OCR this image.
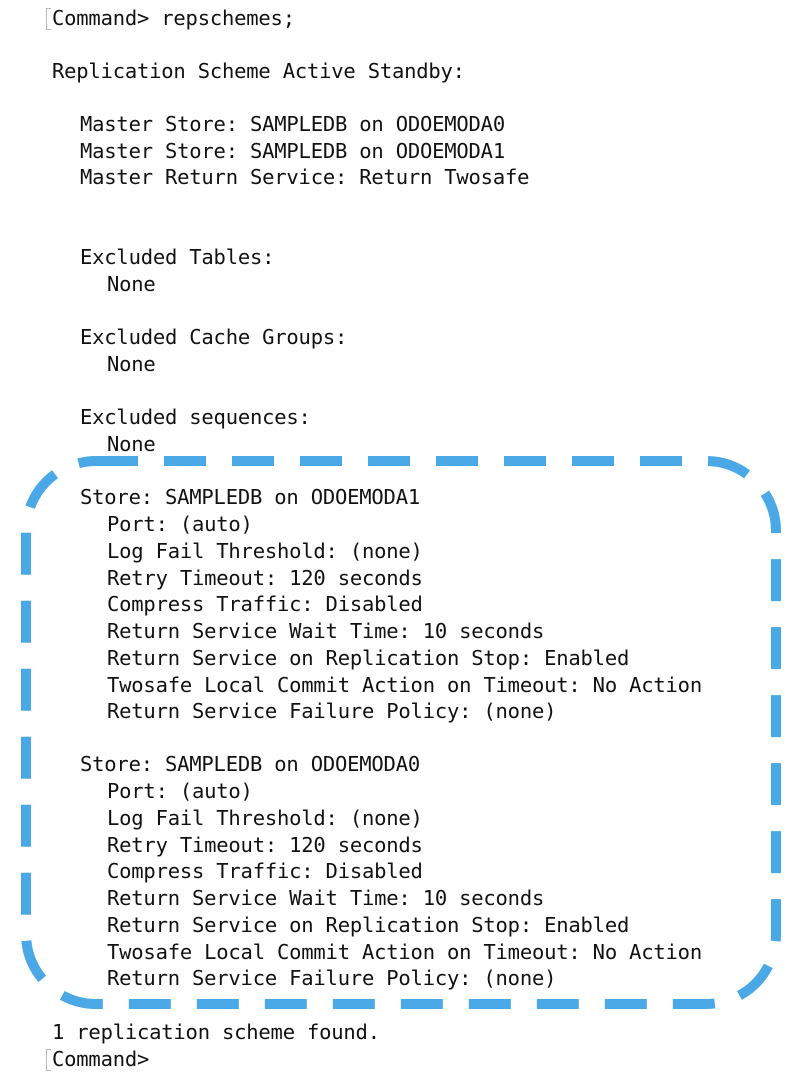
Command> repschemes;
Replication Scheme Active Standby:
Master Store: SAMPLEDB on ODOEMODA0
Master Store: SAMPLEDB on ODOEMODA1
Master Return Service: Return Twosafe
Excluded Tables:
None
Excluded Cache Groups:
None
Excluded sequences:
None
Store: SAMPLEDB on ODOEMODA1
Port: (auto)
Log Fail Threshold: (none)
Retry Timeout: 120 seconds
Compress Traffic: Disabled
Return Service Wait Time: 10 seconds
Return Service on Replication Stop: Enabled
Twosafe Local Commit Action on Timeout: No Action
Return Service Failure Policy: (none)
Store: SAMPLEDB on ODOEMODA0
Port: (auto)
Log Fail Threshold: (none)
Retry Timeout: 120 seconds
Compress Traffic: Disabled
Return Service Wait Time: 10 seconds
Return Service on Replication Stop: Enabled
Twosafe Local Commit Action on Timeout: No Action
Return Service Failure Policy: (none)
1 replication scheme found.
Command>
